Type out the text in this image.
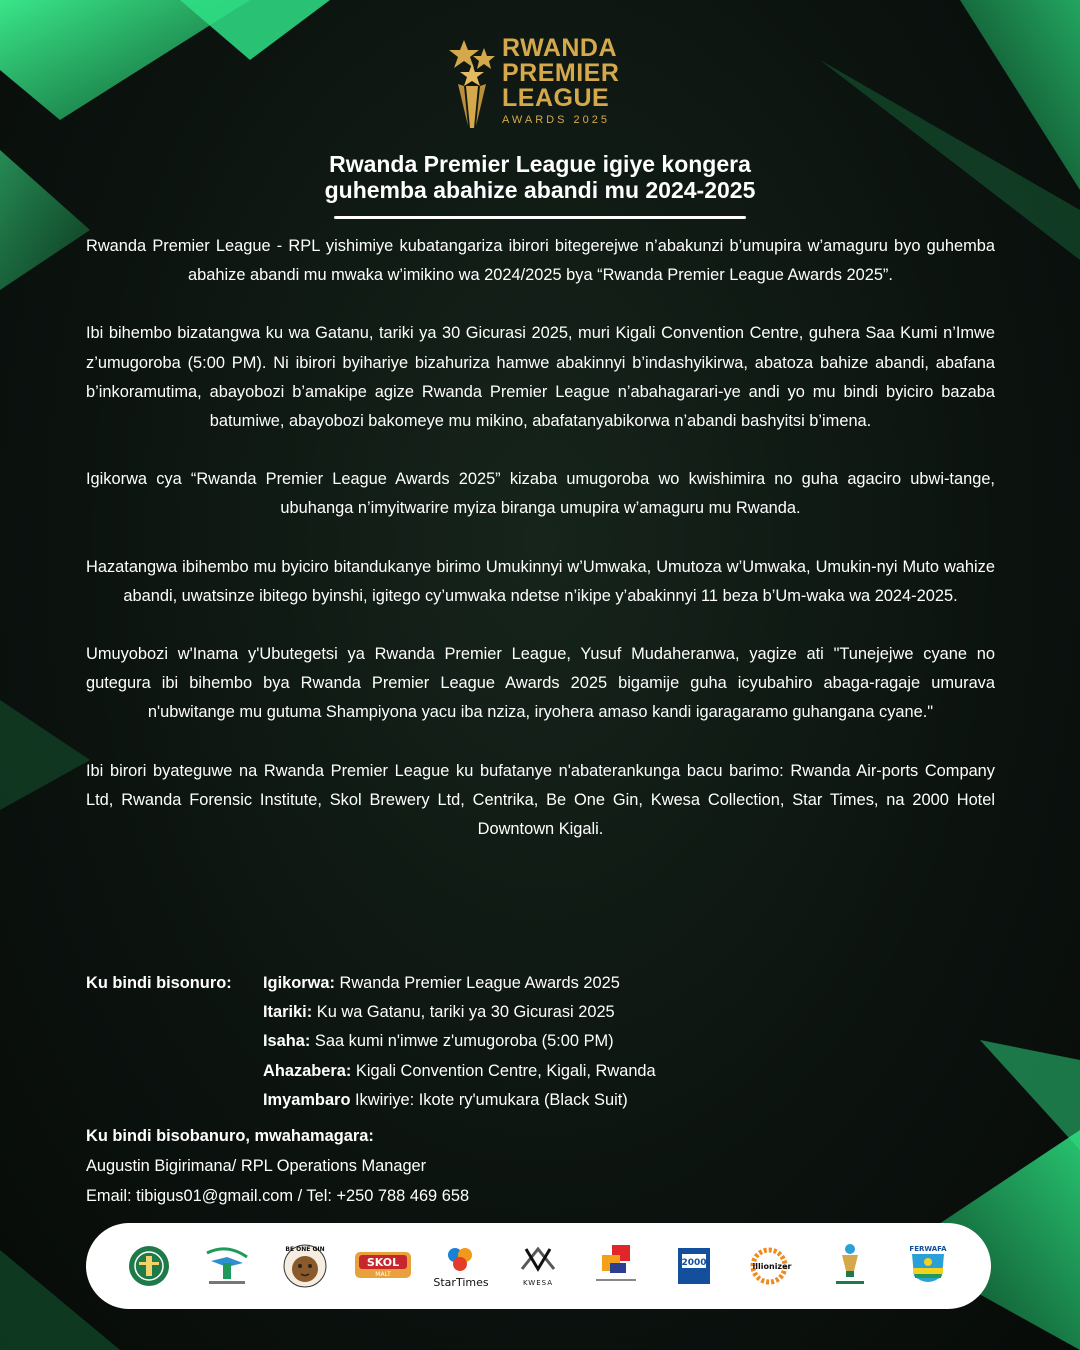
RWANDA
PREMIER
LEAGUE
AWARDS 2025
Rwanda Premier League igiye kongera
guhemba abahize abandi mu 2024-2025

Rwanda Premier League - RPL yishimiye kubatangariza ibirori bitegerejwe n’abakunzi b’umupira w’amaguru byo guhemba abahize abandi mu mwaka w’imikino wa 2024/2025 bya “Rwanda Premier League Awards 2025”.

Ibi bihembo bizatangwa ku wa Gatanu, tariki ya 30 Gicurasi 2025, muri Kigali Convention Centre, guhera Saa Kumi n’Imwe z’umugoroba (5:00 PM). Ni ibirori byihariye bizahuriza hamwe abakinnyi b’indashyikirwa, abatoza bahize abandi, abafana b’inkoramutima, abayobozi b’amakipe agize Rwanda Premier League n’abahagarari-ye andi yo mu bindi byiciro bazaba batumiwe, abayobozi bakomeye mu mikino, abafatanyabikorwa n’abandi bashyitsi b’imena.

Igikorwa cya “Rwanda Premier League Awards 2025” kizaba umugoroba wo kwishimira no guha agaciro ubwi-tange, ubuhanga n’imyitwarire myiza biranga umupira w’amaguru mu Rwanda.

Hazatangwa ibihembo mu byiciro bitandukanye birimo Umukinnyi w’Umwaka, Umutoza w’Umwaka, Umukin-nyi Muto wahize abandi, uwatsinze ibitego byinshi, igitego cy’umwaka ndetse n’ikipe y’abakinnyi 11 beza b’Um-waka wa 2024-2025.

Umuyobozi w'Inama y'Ubutegetsi ya Rwanda Premier League, Yusuf Mudaheranwa, yagize ati "Tunejejwe cyane no gutegura ibi bihembo bya Rwanda Premier League Awards 2025 bigamije guha icyubahiro abaga-ragaje umurava n'ubwitange mu gutuma Shampiyona yacu iba nziza, iryohera amaso kandi igaragaramo guhangana cyane."

Ibi birori byateguwe na Rwanda Premier League ku bufatanye n'abaterankunga bacu barimo: Rwanda Air-ports Company Ltd, Rwanda Forensic Institute, Skol Brewery Ltd, Centrika, Be One Gin, Kwesa Collection, Star Times, na 2000 Hotel Downtown Kigali.

Ku bindi bisonuro: Igikorwa: Rwanda Premier League Awards 2025
Itariki: Ku wa Gatanu, tariki ya 30 Gicurasi 2025
Isaha: Saa kumi n'imwe z'umugoroba (5:00 PM)
Ahazabera: Kigali Convention Centre, Kigali, Rwanda
Imyambaro Ikwiriye: Ikote ry'umukara (Black Suit)
Ku bindi bisobanuro, mwahamagara:
Augustin Bigirimana/ RPL Operations Manager
Email: tibigus01@gmail.com / Tel: +250 788 469 658
BE ONE GIN
SKOL
MALT
StarTimes	KWESA
2000	illionizer
FERWAFA
